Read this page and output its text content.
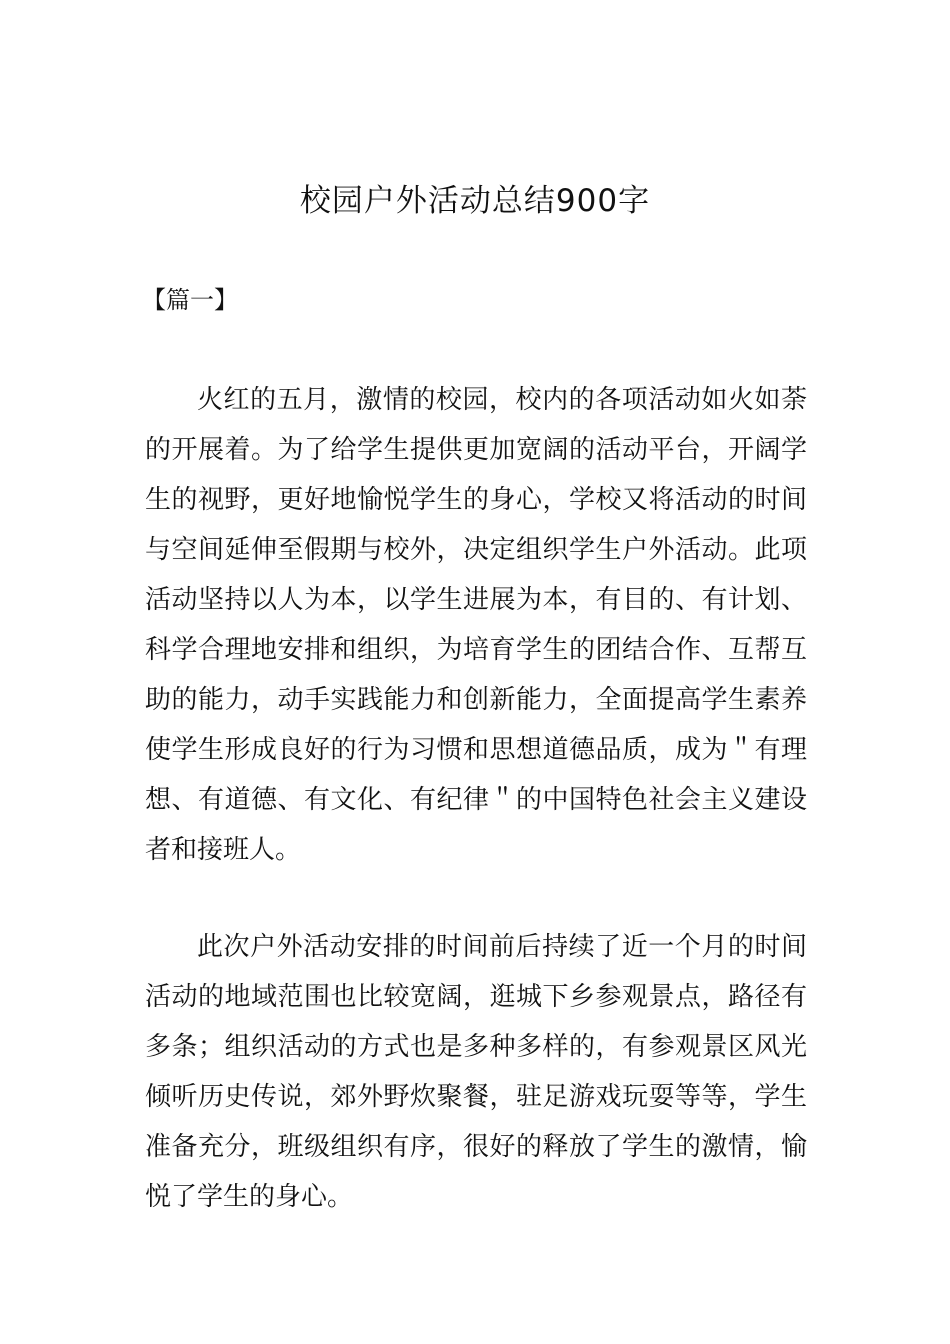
校园户外活动总结900字
【篇一】

火红的五月，激情的校园，校内的各项活动如火如荼的开展着。为了给学生提供更加宽阔的活动平台，开阔学生的视野，更好地愉悦学生的身心，学校又将活动的时间与空间延伸至假期与校外，决定组织学生户外活动。此项活动坚持以人为本，以学生进展为本，有目的、有计划、科学合理地安排和组织，为培育学生的团结合作、互帮互助的能力，动手实践能力和创新能力，全面提高学生素养使学生形成良好的行为习惯和思想道德品质，成为＂有理想、有道德、有文化、有纪律＂的中国特色社会主义建设者和接班人。

此次户外活动安排的时间前后持续了近一个月的时间活动的地域范围也比较宽阔，逛城下乡参观景点，路径有多条；组织活动的方式也是多种多样的，有参观景区风光倾听历史传说，郊外野炊聚餐，驻足游戏玩耍等等，学生准备充分，班级组织有序，很好的释放了学生的激情，愉悦了学生的身心。
